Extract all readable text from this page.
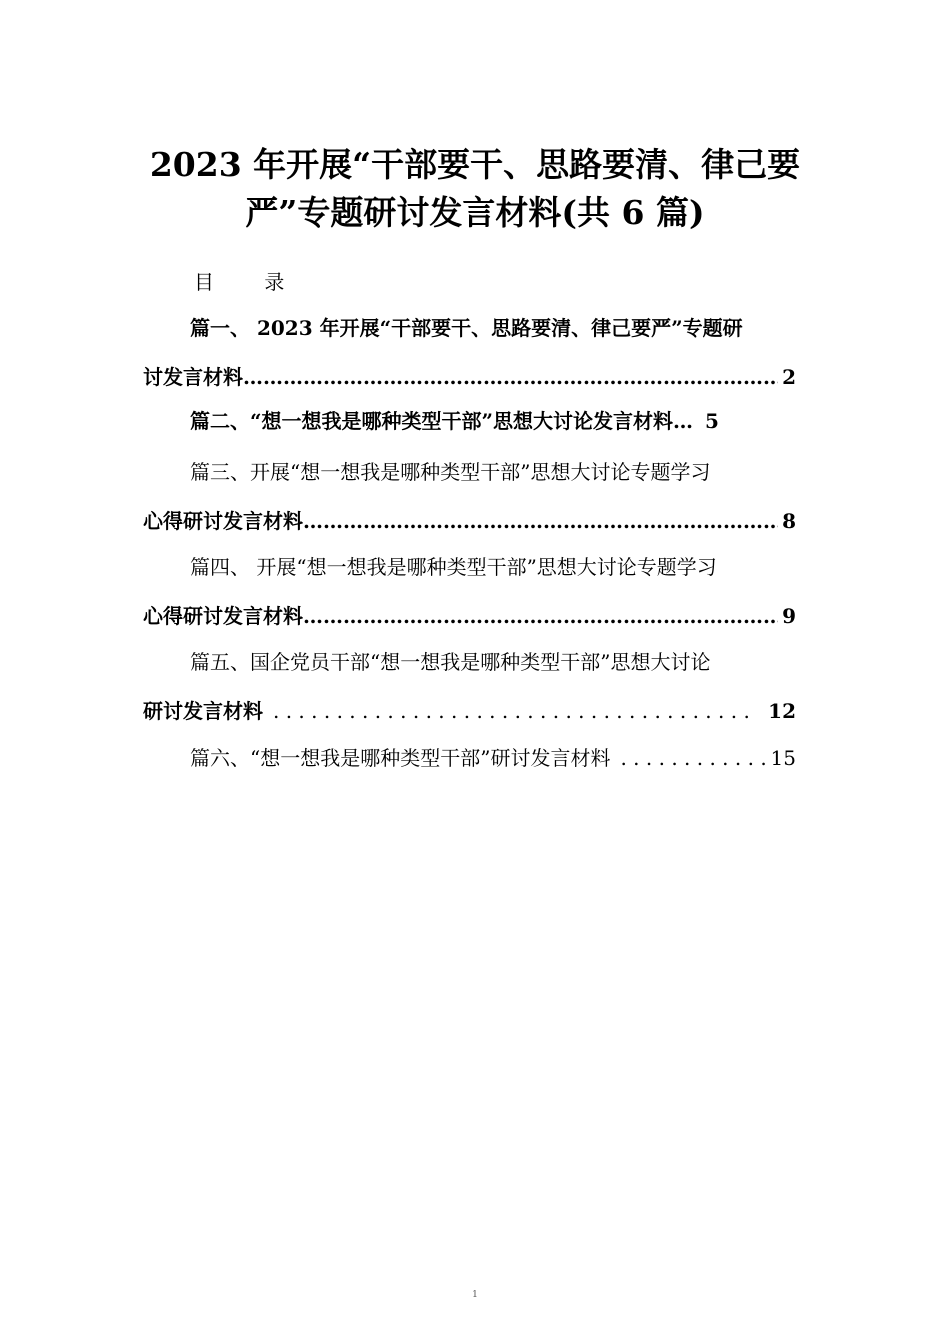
2023 年开展“干部要干、思路要清、律己要
严”专题研讨发言材料(共 6 篇)
目 录
篇一、 2023 年开展“干部要干、思路要清、律己要严”专题研
讨发言材料 …………………………………………………………………………………………………………………………………………………………………………	2
篇二、“想一想我是哪种类型干部”思想大讨论发言材料… 5
篇三、开展“想一想我是哪种类型干部”思想大讨论专题学习
心得研讨发言材料 …………………………………………………………………………………………………………………………………………………………………………	8
篇四、 开展“想一想我是哪种类型干部”思想大讨论专题学习
心得研讨发言材料 …………………………………………………………………………………………………………………………………………………………………………	9
篇五、国企党员干部“想一想我是哪种类型干部”思想大讨论
研讨发言材料 . . .	12
篇六、“想一想我是哪种类型干部”研讨发言材料 . . .	15
1
